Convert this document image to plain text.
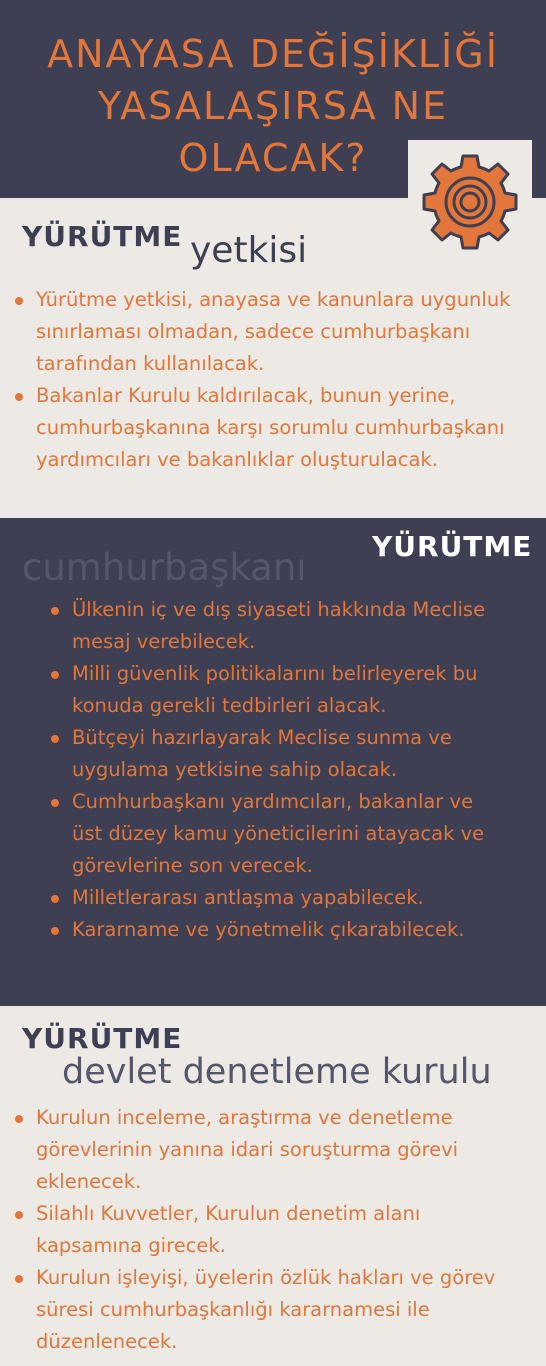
ANAYASA DEĞİŞİKLİĞİ
YASALAŞIRSA NE
OLACAK?
YÜRÜTME yetkisi
Yürütme yetkisi, anayasa ve kanunlara uygunluk sınırlaması olmadan, sadece cumhurbaşkanı tarafından kullanılacak.
Bakanlar Kurulu kaldırılacak, bunun yerine, cumhurbaşkanına karşı sorumlu cumhurbaşkanı yardımcıları ve bakanlıklar oluşturulacak.
YÜRÜTME
cumhurbaşkanı
Ülkenin iç ve dış siyaseti hakkında Meclise mesaj verebilecek.
Milli güvenlik politikalarını belirleyerek bu konuda gerekli tedbirleri alacak.
Bütçeyi hazırlayarak Meclise sunma ve uygulama yetkisine sahip olacak.
Cumhurbaşkanı yardımcıları, bakanlar ve üst düzey kamu yöneticilerini atayacak ve görevlerine son verecek.
Milletlerarası antlaşma yapabilecek.
Kararname ve yönetmelik çıkarabilecek.
YÜRÜTME
devlet denetleme kurulu
Kurulun inceleme, araştırma ve denetleme görevlerinin yanına idari soruşturma görevi eklenecek.
Silahlı Kuvvetler, Kurulun denetim alanı kapsamına girecek.
Kurulun işleyişi, üyelerin özlük hakları ve görev süresi cumhurbaşkanlığı kararnamesi ile düzenlenecek.
